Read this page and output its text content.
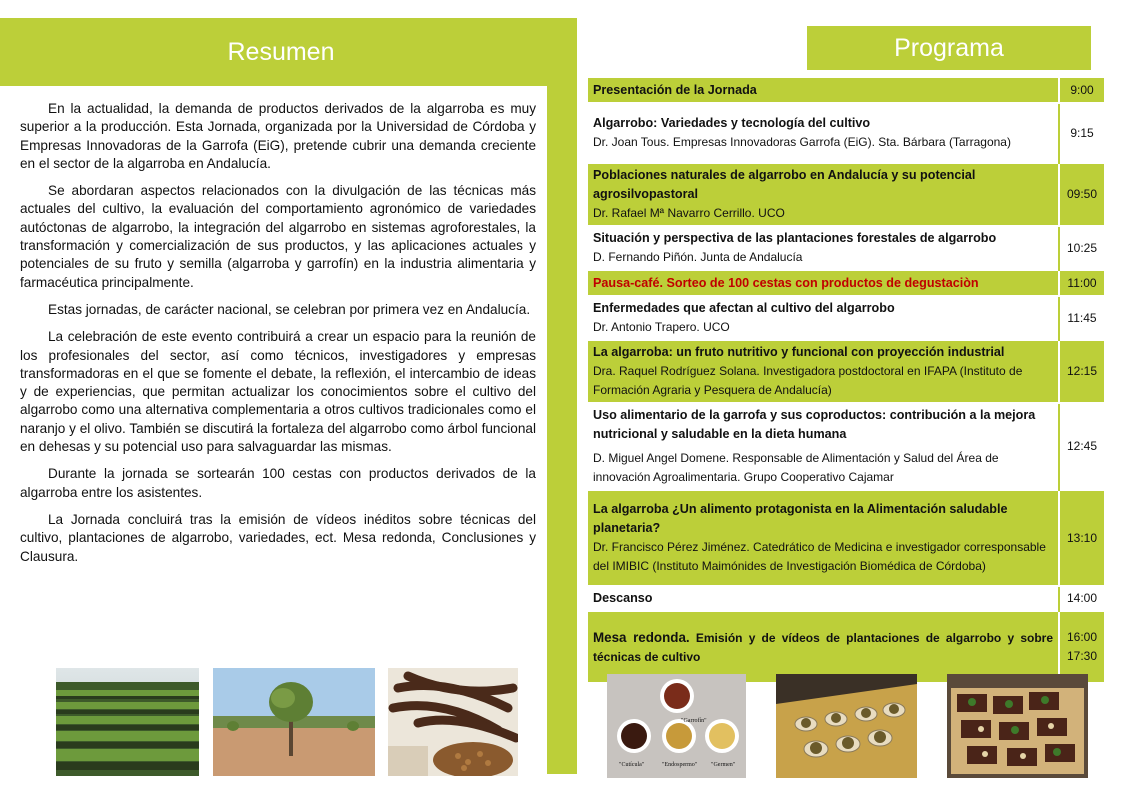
Resumen

En la actualidad, la demanda de productos derivados de la algarroba es muy superior a la producción. Esta Jornada, organizada por la Universidad de Córdoba y Empresas Innovadoras de la Garrofa (EiG), pretende cubrir una demanda creciente en el sector de la algarroba en Andalucía.

Se abordaran aspectos relacionados con la divulgación de las técnicas más actuales del cultivo, la evaluación del comportamiento agronómico de variedades autóctonas de algarrobo, la integración del algarrobo en sistemas agroforestales, la transformación y comercialización de sus productos, y las aplicaciones actuales y potenciales de su fruto y semilla (algarroba y garrofín) en la industria alimentaria y farmacéutica principalmente.

Estas jornadas, de carácter nacional, se celebran por primera vez en Andalucía.

La celebración de este evento contribuirá a crear un espacio para la reunión de los profesionales del sector, así como técnicos, investigadores y empresas transformadoras en el que se fomente el debate, la reflexión, el intercambio de ideas y de experiencias, que permitan actualizar los conocimientos sobre el cultivo del algarrobo como una alternativa complementaria a otros cultivos tradicionales como el naranjo y el olivo. También se discutirá la fortaleza del algarrobo como árbol funcional en dehesas y su potencial uso para salvaguardar las mismas.

Durante la jornada se sortearán 100 cestas con productos derivados de la algarroba entre los asistentes.

La Jornada concluirá tras la emisión de vídeos inéditos sobre técnicas del cultivo, plantaciones de algarrobo, variedades, ect. Mesa redonda, Conclusiones y Clausura.

Programa
Presentación de la Jornada	9:00

Algarrobo: Variedades y tecnología del cultivo
Dr. Joan Tous. Empresas Innovadoras Garrofa (EiG). Sta. Bárbara (Tarragona)	9:15

Poblaciones naturales de algarrobo en Andalucía y su potencial agrosilvopastoral
Dr. Rafael Mª Navarro Cerrillo. UCO	09:50

Situación y perspectiva de las plantaciones forestales de algarrobo
D. Fernando Piñón. Junta de Andalucía	10:25
Pausa-café. Sorteo de 100 cestas con productos de degustaciòn	11:00

Enfermedades que afectan al cultivo del algarrobo
Dr. Antonio Trapero. UCO	11:45

La algarroba: un fruto nutritivo y funcional con proyección industrial
Dra. Raquel Rodríguez Solana. Investigadora postdoctoral en IFAPA (Instituto de Formación Agraria y Pesquera de Andalucía)	12:15

Uso alimentario de la garrofa y sus coproductos: contribución a la mejora nutricional y saludable en la dieta humana
D. Miguel Angel Domene. Responsable de Alimentación y Salud del Área de innovación Agroalimentaria. Grupo Cooperativo Cajamar	12:45

La algarroba ¿Un alimento protagonista en la Alimentación saludable planetaria?
Dr. Francisco Pérez Jiménez. Catedrático de Medicina e investigador corresponsable del IMIBIC (Instituto Maimónides de Investigación Biomédica de Córdoba)	13:10
Descanso	14:00
Mesa redonda. Emisión y de vídeos de plantaciones de algarrobo y sobre técnicas de cultivo	16:00
17:30
"Garrofín"
"Cutícula"	"Endospermo" "Germen"
